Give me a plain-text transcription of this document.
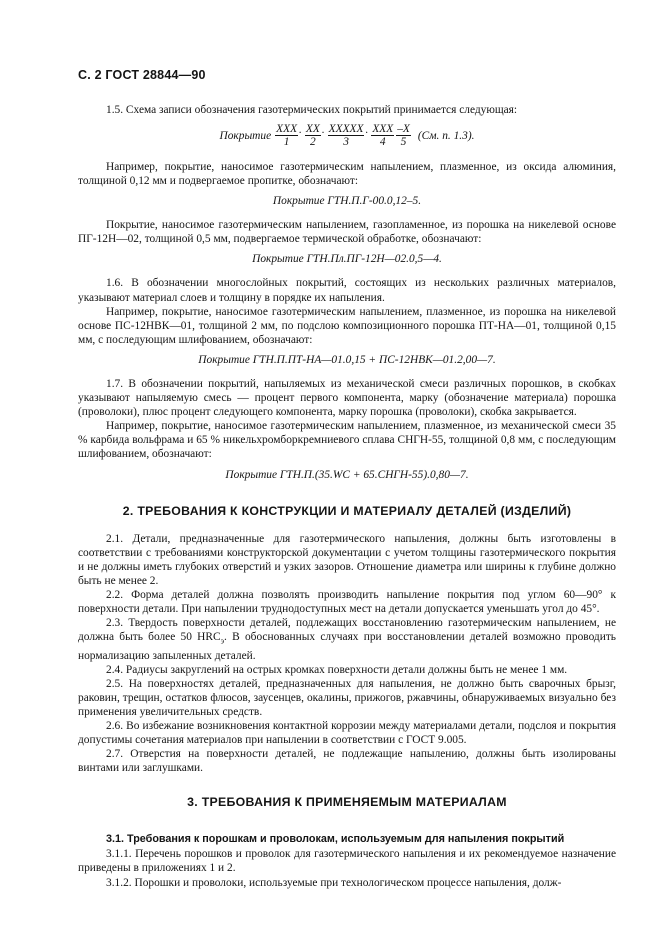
С. 2 ГОСТ 28844—90

1.5. Схема записи обозначения газотермических покрытий принимается следующая:

Покрытие $\frac{\text{XXX}}{1}$ . $\frac{XX}{2}$ . $\frac{\text{XXXXX}}{3}$ . $\frac{\text{XXX}}{4} \frac{-X}{5} (См$. п. 1.3).

Например, покрытие, наносимое газотермическим напылением, плазменное, из оксида алюминия, толщиной 0,12 мм и подвергаемое пропитке, обозначают:

Покрытие ГТН.П.Г-00.0,12–5.

Покрытие, наносимое газотермическим напылением, газопламенное, из порошка на никелевой основе ПГ-12Н—02, толщиной 0,5 мм, подвергаемое термической обработке, обозначают:

Покрытие ГТН.Пл.ПГ-12Н—02.0,5—4.

1.6. В обозначении многослойных покрытий, состоящих из нескольких различных материалов, указывают материал слоев и толщину в порядке их напыления.

Например, покрытие, наносимое газотермическим напылением, плазменное, из порошка на никелевой основе ПС-12НВК—01, толщиной 2 мм, по подслою композиционного порошка ПТ-НА—01, толщиной 0,15 мм, с последующим шлифованием, обозначают:

Покрытие ГТН.П.ПТ-НА—01.0,15 + ПС-12НВК—01.2,00—7.

1.7. В обозначении покрытий, напыляемых из механической смеси различных порошков, в скобках указывают напыляемую смесь — процент первого компонента, марку (обозначение материала) порошка (проволоки), плюс процент следующего компонента, марку порошка (проволоки), скобка закрывается.

Например, покрытие, наносимое газотермическим напылением, плазменное, из механической смеси 35 % карбида вольфрама и 65 % никельхромборкремниевого сплава СНГН-55, толщиной 0,8 мм, с последующим шлифованием, обозначают:

Покрытие ГТН.П.(35.WC + 65.СНГН-55).0,80—7.
2. ТРЕБОВАНИЯ К КОНСТРУКЦИИ И МАТЕРИАЛУ ДЕТАЛЕЙ (ИЗДЕЛИЙ)

2.1. Детали, предназначенные для газотермического напыления, должны быть изготовлены в соответствии с требованиями конструкторской документации с учетом толщины газотермического покрытия и не должны иметь глубоких отверстий и узких зазоров. Отношение диаметра или ширины к глубине должно быть не менее 2.

2.2. Форма деталей должна позволять производить напыление покрытия под углом 60—90° к поверхности детали. При напылении труднодоступных мест на детали допускается уменьшать угол до 45°.

2.3. Твердость поверхности деталей, подлежащих восстановлению газотермическим напылением, не должна быть более 50 $HRC_э$. В обоснованных случаях при восстановлении деталей возможно проводить нормализацию запыленных деталей.

2.4. Радиусы закруглений на острых кромках поверхности детали должны быть не менее 1 мм.

2.5. На поверхностях деталей, предназначенных для напыления, не должно быть сварочных брызг, раковин, трещин, остатков флюсов, заусенцев, окалины, прижогов, ржавчины, обнаруживаемых визуально без применения увеличительных средств.

2.6. Во избежание возникновения контактной коррозии между материалами детали, подслоя и покрытия допустимы сочетания материалов при напылении в соответствии с ГОСТ 9.005.

2.7. Отверстия на поверхности деталей, не подлежащие напылению, должны быть изолированы винтами или заглушками.

3. ТРЕБОВАНИЯ К ПРИМЕНЯЕМЫМ МАТЕРИАЛАМ
3.1. Требования к порошкам и проволокам, используемым для напыления покрытий

3.1.1. Перечень порошков и проволок для газотермического напыления и их рекомендуемое назначение приведены в приложениях 1 и 2.

3.1.2. Порошки и проволоки, используемые при технологическом процессе напыления, долж-
